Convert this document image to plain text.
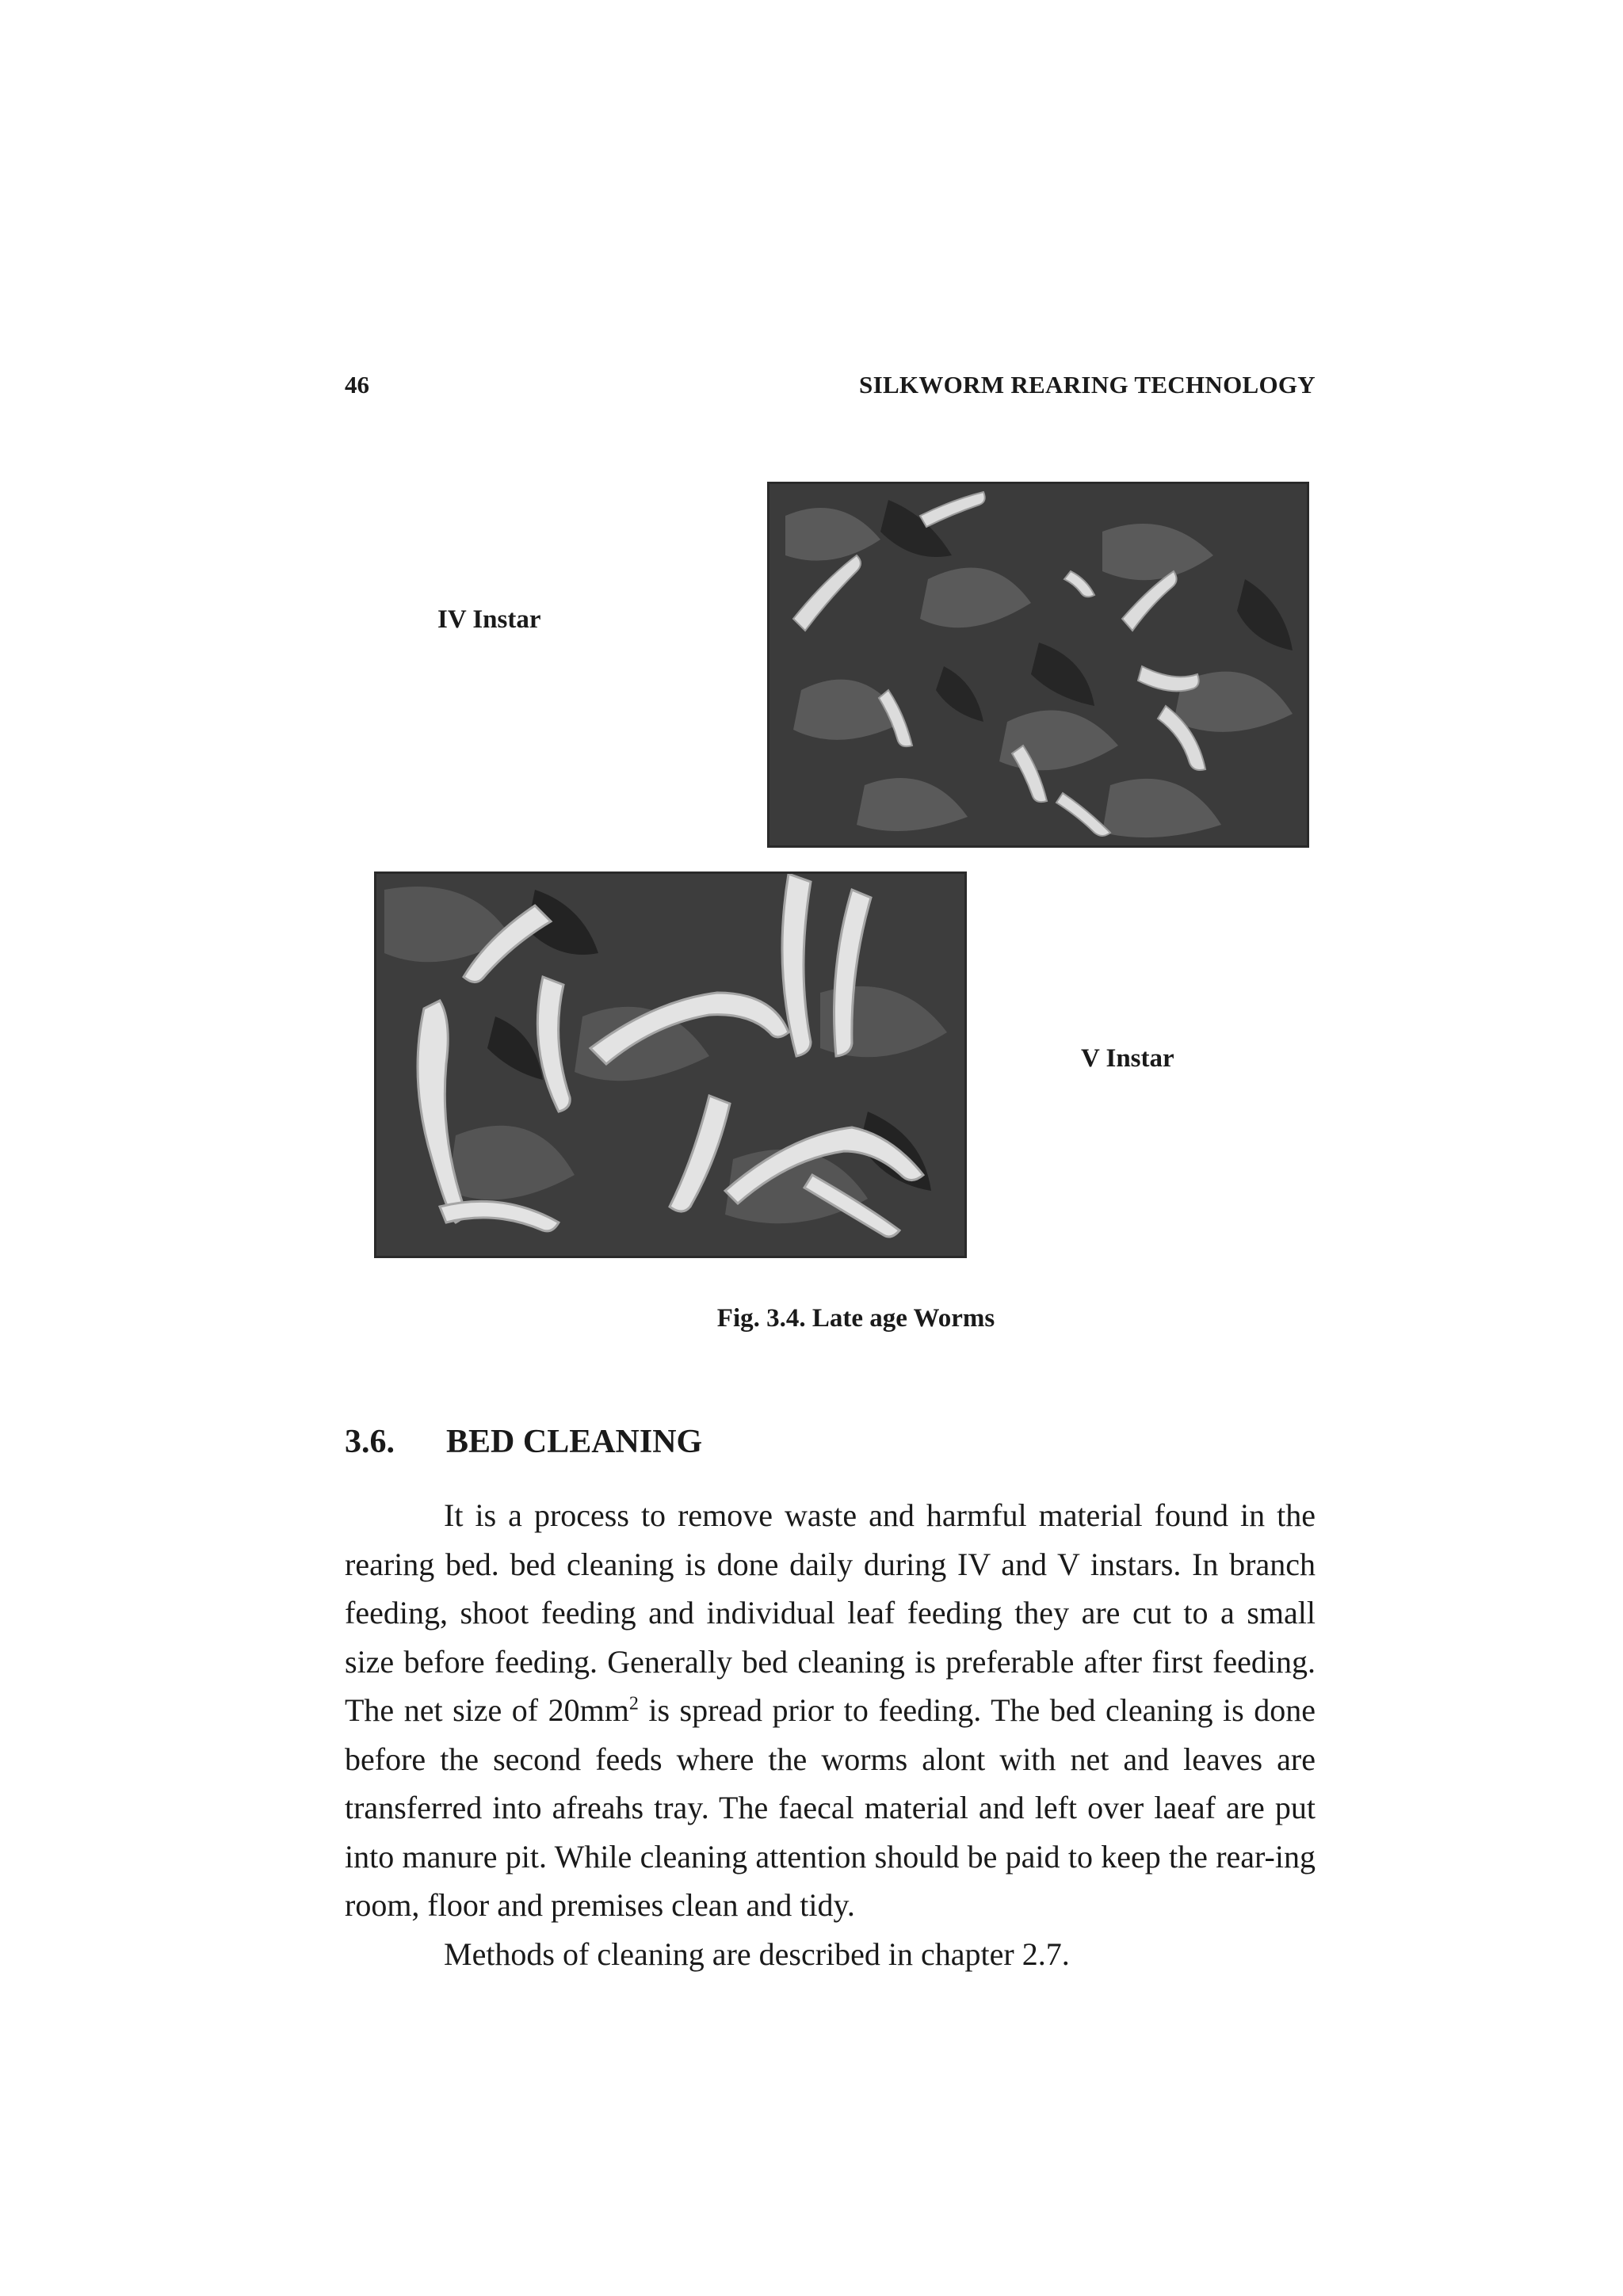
46	SILKWORM REARING TECHNOLOGY
IV Instar
V Instar
Fig. 3.4. Late age Worms
3.6. BED CLEANING

It is a process to remove waste and harmful material found in the rearing bed. bed cleaning is done daily during IV and V instars. In branch feeding, shoot feeding and individual leaf feeding they are cut to a small size before feeding. Generally bed cleaning is preferable after first feeding. The net size of $20mm^2$ is spread prior to feeding. The bed cleaning is done before the second feeds where the worms alont with net and leaves are transferred into afreahs tray. The faecal material and left over laeaf are put into manure pit. While cleaning attention should be paid to keep the rear-ing room, floor and premises clean and tidy.

Methods of cleaning are described in chapter 2.7.
